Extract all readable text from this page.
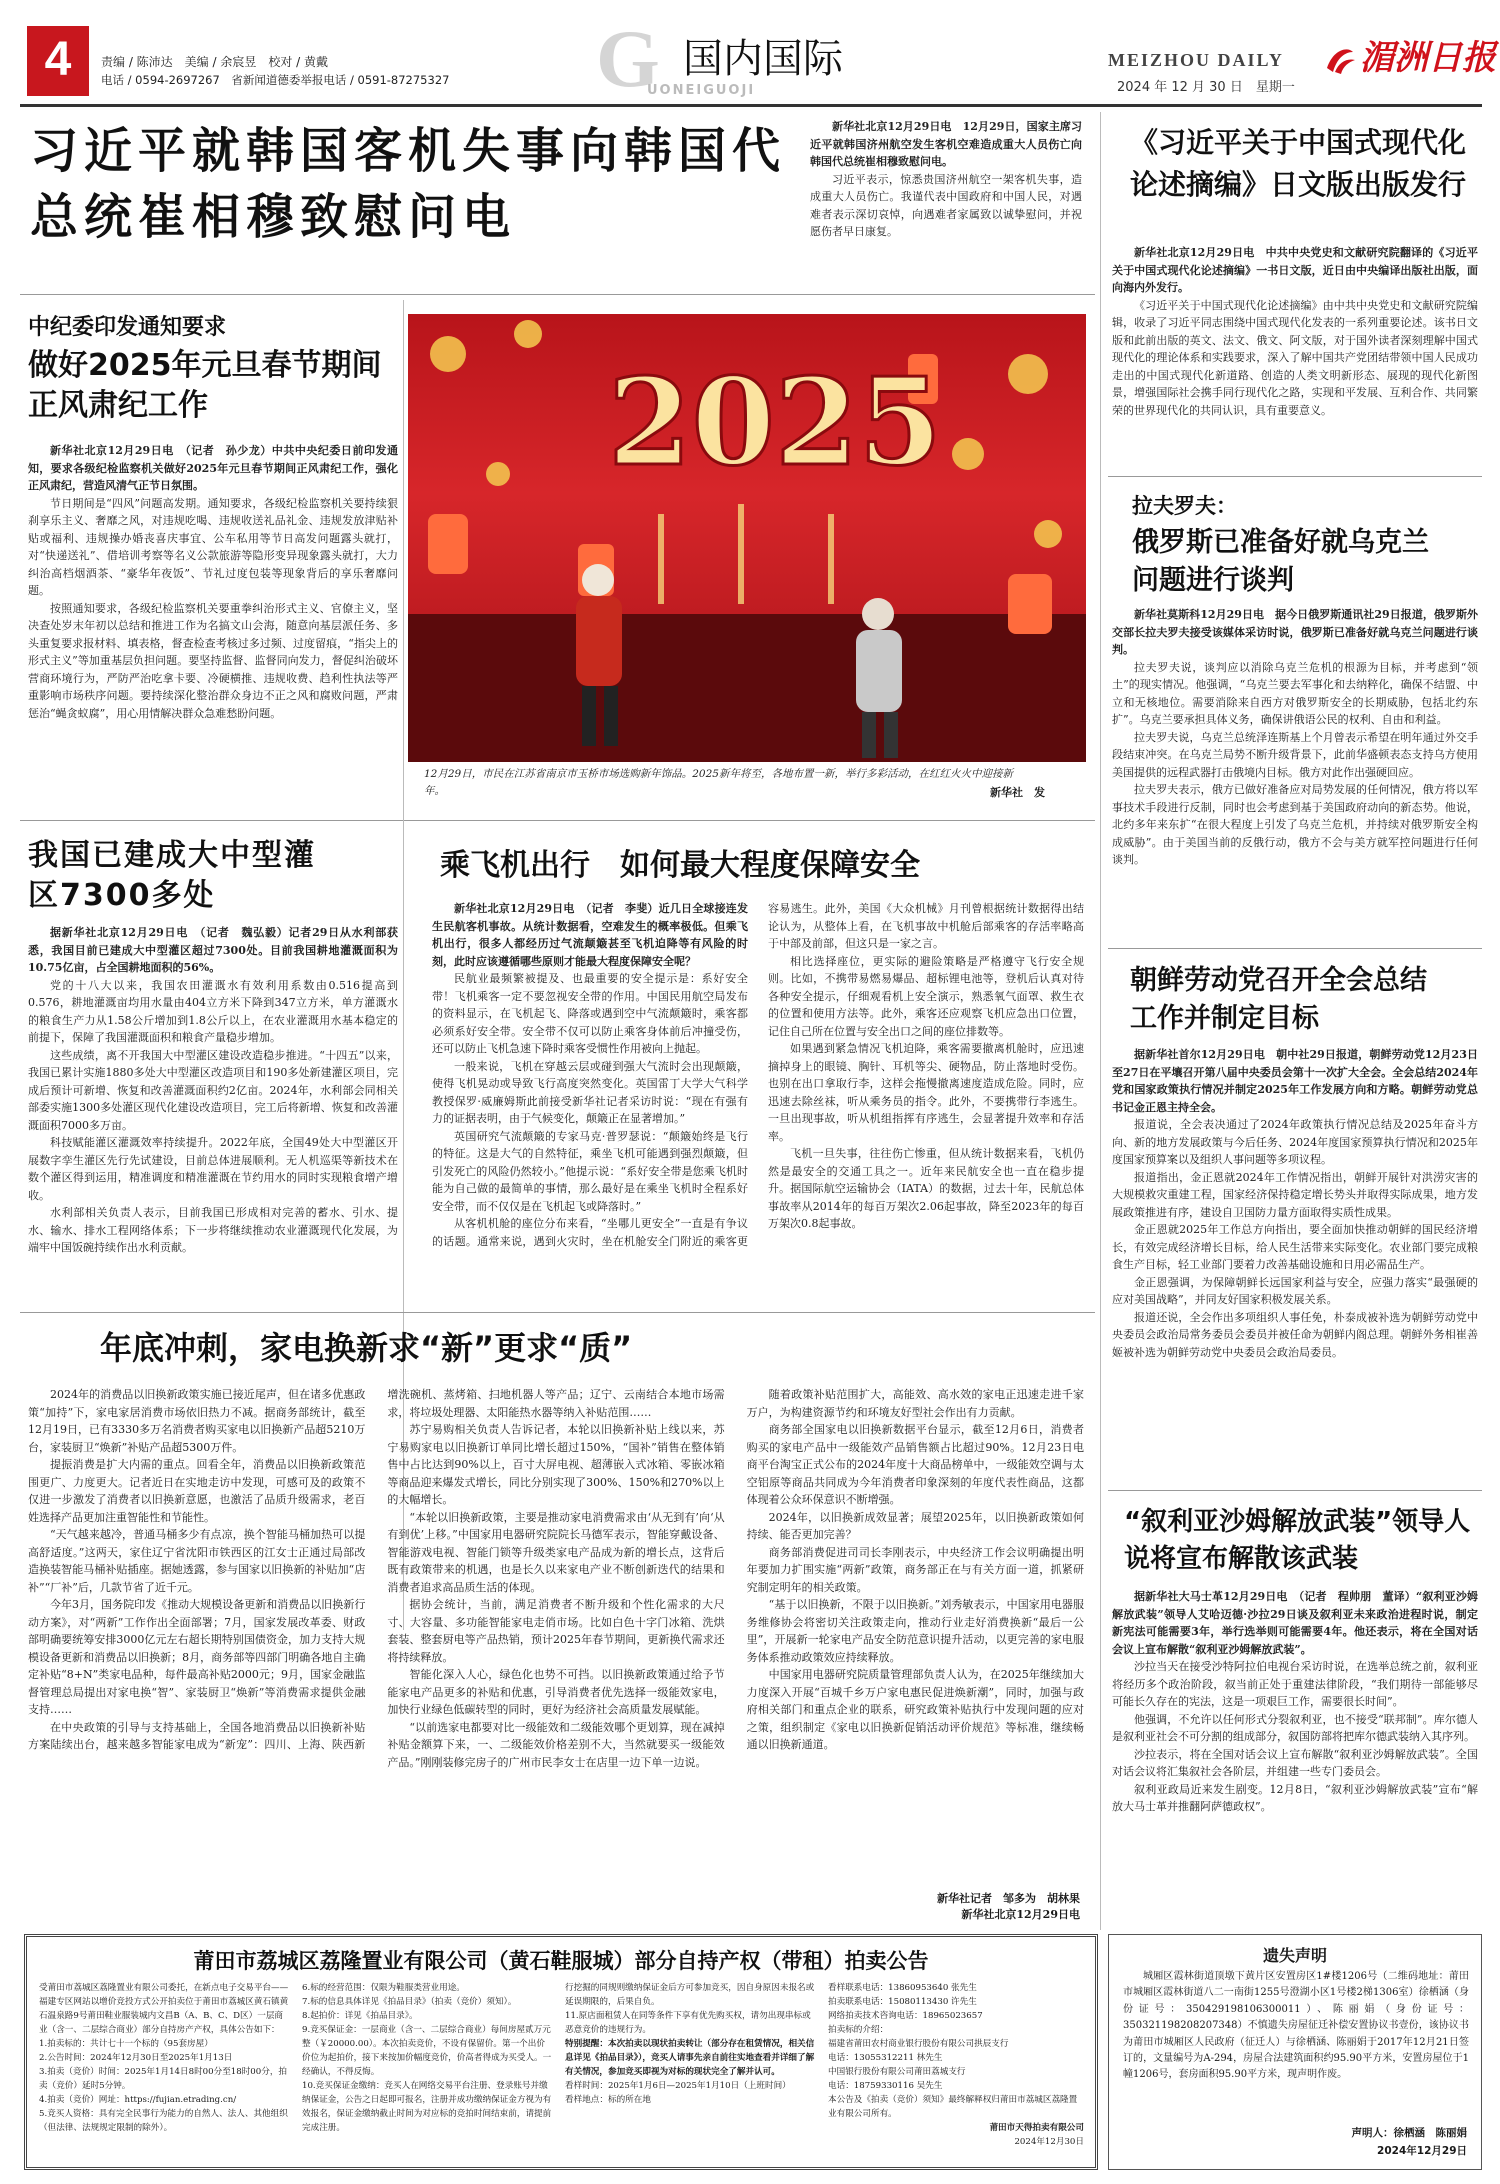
4	责编 / 陈沛达　美编 / 余宸昱　校对 / 黄戴
电话 / 0594-2697267　省新闻道德委举报电话 / 0591-87275327 G 国内国际
UONEIGUOJI
MEIZHOU DAILY 湄洲日报
2024 年 12 月 30 日　星期一
习近平就韩国客机失事向韩国代总统崔相穆致慰问电

新华社北京12月29日电　12月29日，国家主席习近平就韩国济州航空发生客机空难造成重大人员伤亡向韩国代总统崔相穆致慰问电。

习近平表示，惊悉贵国济州航空一架客机失事，造成重大人员伤亡。我谨代表中国政府和中国人民，对遇难者表示深切哀悼，向遇难者家属致以诚挚慰问，并祝愿伤者早日康复。

中纪委印发通知要求
做好2025年元旦春节期间正风肃纪工作

新华社北京12月29日电　（记者　孙少龙）中共中央纪委日前印发通知，要求各级纪检监察机关做好2025年元旦春节期间正风肃纪工作，强化正风肃纪，营造风清气正节日氛围。

节日期间是“四风”问题高发期。通知要求，各级纪检监察机关要持续狠刹享乐主义、奢靡之风，对违规吃喝、违规收送礼品礼金、违规发放津贴补贴或福利、违规操办婚丧喜庆事宜、公车私用等节日高发问题露头就打，对“快递送礼”、借培训考察等名义公款旅游等隐形变异现象露头就打，大力纠治高档烟酒茶、“豪华年夜饭”、节礼过度包装等现象背后的享乐奢靡问题。

按照通知要求，各级纪检监察机关要重拳纠治形式主义、官僚主义，坚决查处岁末年初以总结和推进工作为名搞文山会海，随意向基层派任务、多头重复要求报材料、填表格，督查检查考核过多过频、过度留痕，“指尖上的形式主义”等加重基层负担问题。要坚持监督、监督同向发力，督促纠治破坏营商环境行为，严防严治吃拿卡要、冷硬横推、违规收费、趋利性执法等严重影响市场秩序问题。要持续深化整治群众身边不正之风和腐败问题，严肃惩治“蝇贪蚁腐”，用心用情解决群众急难愁盼问题。

2025
12月29日，市民在江苏省南京市玉桥市场选购新年饰品。2025新年将至，各地布置一新，举行多彩活动，在红红火火中迎接新年。	新华社　发
我国已建成大中型灌区7300多处

据新华社北京12月29日电　（记者　魏弘毅）记者29日从水利部获悉，我国目前已建成大中型灌区超过7300处。目前我国耕地灌溉面积为10.75亿亩，占全国耕地面积的56%。

党的十八大以来，我国农田灌溉水有效利用系数由0.516提高到0.576，耕地灌溉亩均用水量由404立方米下降到347立方米，单方灌溉水的粮食生产力从1.58公斤增加到1.8公斤以上，在农业灌溉用水基本稳定的前提下，保障了我国灌溉面积和粮食产量稳步增加。

这些成绩，离不开我国大中型灌区建设改造稳步推进。“十四五”以来，我国已累计实施1880多处大中型灌区改造项目和190多处新建灌区项目，完成后预计可新增、恢复和改善灌溉面积约2亿亩。2024年，水利部会同相关部委实施1300多处灌区现代化建设改造项目，完工后将新增、恢复和改善灌溉面积7000多万亩。

科技赋能灌区灌溉效率持续提升。2022年底，全国49处大中型灌区开展数字孪生灌区先行先试建设，目前总体进展顺利。无人机巡渠等新技术在数个灌区得到运用，精准调度和精准灌溉在节约用水的同时实现粮食增产增收。

水利部相关负责人表示，目前我国已形成相对完善的蓄水、引水、提水、输水、排水工程网络体系；下一步将继续推动农业灌溉现代化发展，为端牢中国饭碗持续作出水利贡献。

乘飞机出行　如何最大程度保障安全

新华社北京12月29日电　（记者　李斐）近几日全球接连发生民航客机事故。从统计数据看，空难发生的概率极低。但乘飞机出行，很多人都经历过气流颠簸甚至飞机迫降等有风险的时刻，此时应该遵循哪些原则才能最大程度保障安全呢？

民航业最频繁被提及、也最重要的安全提示是：系好安全带！飞机乘客一定不要忽视安全带的作用。中国民用航空局发布的资料显示，在飞机起飞、降落或遇到空中气流颠簸时，乘客都必须系好安全带。安全带不仅可以防止乘客身体前后冲撞受伤，还可以防止飞机急速下降时乘客受惯性作用被向上抛起。

一般来说，飞机在穿越云层或碰到强大气流时会出现颠簸，使得飞机晃动或导致飞行高度突然变化。英国雷丁大学大气科学教授保罗·威廉姆斯此前接受新华社记者采访时说：“现在有强有力的证据表明，由于气候变化，颠簸正在显著增加。”

英国研究气流颠簸的专家马克·普罗瑟说：“颠簸始终是飞行的特征。这是大气的自然特征，乘坐飞机可能遇到强烈颠簸，但引发死亡的风险仍然较小。”他提示说：“系好安全带是您乘飞机时能为自己做的最简单的事情，那么最好是在乘坐飞机时全程系好安全带，而不仅仅是在飞机起飞或降落时。”

从客机机舱的座位分布来看，“坐哪儿更安全”一直是有争议的话题。通常来说，遇到火灾时，坐在机舱安全门附近的乘客更容易逃生。此外，美国《大众机械》月刊曾根据统计数据得出结论认为，从整体上看，在飞机事故中机舱后部乘客的存活率略高于中部及前部，但这只是一家之言。

相比选择座位，更实际的避险策略是严格遵守飞行安全规则。比如，不携带易燃易爆品、超标锂电池等，登机后认真对待各种安全提示，仔细观看机上安全演示，熟悉氧气面罩、救生衣的位置和使用方法等。此外，乘客还应观察飞机应急出口位置，记住自己所在位置与安全出口之间的座位排数等。

如果遇到紧急情况飞机迫降，乘客需要撤离机舱时，应迅速摘掉身上的眼镜、胸针、耳机等尖、硬物品，防止落地时受伤。也别在出口拿取行李，这样会拖慢撤离速度造成危险。同时，应迅速去除丝袜，听从乘务员的指令。此外，不要携带行李逃生。一旦出现事故，听从机组指挥有序逃生，会显著提升效率和存活率。

飞机一旦失事，往往伤亡惨重，但从统计数据来看，飞机仍然是最安全的交通工具之一。近年来民航安全也一直在稳步提升。据国际航空运输协会（IATA）的数据，过去十年，民航总体事故率从2014年的每百万架次2.06起事故，降至2023年的每百万架次0.8起事故。

年底冲刺，家电换新求“新”更求“质”

2024年的消费品以旧换新政策实施已接近尾声，但在诸多优惠政策“加持”下，家电家居消费市场依旧热力不减。据商务部统计，截至12月19日，已有3330多万名消费者购买家电以旧换新产品超5210万台，家装厨卫“焕新”补贴产品超5300万件。

提振消费是扩大内需的重点。回看全年，消费品以旧换新政策范围更广、力度更大。记者近日在实地走访中发现，可感可及的政策不仅进一步激发了消费者以旧换新意愿，也激活了品质升级需求，老百姓选择产品更加注重智能性和节能性。

“天气越来越冷，普通马桶多少有点凉，换个智能马桶加热可以提高舒适度。”这两天，家住辽宁省沈阳市铁西区的江女士正通过局部改造换装智能马桶补贴插座。据她透露，参与国家以旧换新的补贴加“店补”“厂补”后，几款节省了近千元。

今年3月，国务院印发《推动大规模设备更新和消费品以旧换新行动方案》，对“两新”工作作出全面部署；7月，国家发展改革委、财政部明确要统筹安排3000亿元左右超长期特别国债资金，加力支持大规模设备更新和消费品以旧换新；8月，商务部等四部门明确各地自主确定补贴“8+N”类家电品种，每件最高补贴2000元；9月，国家金融监督管理总局提出对家电换“智”、家装厨卫“焕新”等消费需求提供金融支持……

在中央政策的引导与支持基础上，全国各地消费品以旧换新补贴方案陆续出台，越来越多智能家电成为“新宠”：四川、上海、陕西新增洗碗机、蒸烤箱、扫地机器人等产品；辽宁、云南结合本地市场需求，将垃圾处理器、太阳能热水器等纳入补贴范围……

苏宁易购相关负责人告诉记者，本轮以旧换新补贴上线以来，苏宁易购家电以旧换新订单同比增长超过150%，“国补”销售在整体销售中占比达到90%以上，百寸大屏电视、超薄嵌入式冰箱、零嵌冰箱等商品迎来爆发式增长，同比分别实现了300%、150%和270%以上的大幅增长。

“本轮以旧换新政策，主要是推动家电消费需求由‘从无到有’向‘从有到优’上移。”中国家用电器研究院院长马德军表示，智能穿戴设备、智能游戏电视、智能门锁等升级类家电产品成为新的增长点，这背后既有政策带来的机遇，也是长久以来家电产业不断创新迭代的结果和消费者追求高品质生活的体现。

据协会统计，当前，满足消费者不断升级和个性化需求的大尺寸、大容量、多功能智能家电走俏市场。比如白色十字门冰箱、洗烘套装、整套厨电等产品热销，预计2025年春节期间，更新换代需求还将持续释放。

智能化深入人心，绿色化也势不可挡。以旧换新政策通过给予节能家电产品更多的补贴和优惠，引导消费者优先选择一级能效家电，加快行业绿色低碳转型的同时，更好为经济社会高质量发展赋能。

“以前选家电都要对比一级能效和二级能效哪个更划算，现在减掉补贴金额算下来，一、二级能效价格差别不大，当然就要买一级能效产品。”刚刚装修完房子的广州市民李女士在店里一边下单一边说。

随着政策补贴范围扩大，高能效、高水效的家电正迅速走进千家万户，为构建资源节约和环境友好型社会作出有力贡献。

商务部全国家电以旧换新数据平台显示，截至12月6日，消费者购买的家电产品中一级能效产品销售额占比超过90%。12月23日电商平台淘宝正式公布的2024年度十大商品榜单中，一级能效空调与太空铝原等商品共同成为今年消费者印象深刻的年度代表性商品，这都体现着公众环保意识不断增强。

2024年，以旧换新成效显著；展望2025年，以旧换新政策如何持续、能否更加完善？

商务部消费促进司司长李刚表示，中央经济工作会议明确提出明年要加力扩围实施“两新”政策，商务部正在与有关方面一道，抓紧研究制定明年的相关政策。

“基于以旧换新，不限于以旧换新。”刘秀敏表示，中国家用电器服务维修协会将密切关注政策走向，推动行业走好消费换新“最后一公里”，开展新一轮家电产品安全防范意识提升活动，以更完善的家电服务体系推动政策效应持续释放。

中国家用电器研究院质量管理部负责人认为，在2025年继续加大力度深入开展“百城千乡万户家电惠民促进焕新潮”，同时，加强与政府相关部门和重点企业的联系，研究政策补贴执行中发现问题的应对之策，组织制定《家电以旧换新促销活动评价规范》等标准，继续畅通以旧换新通道。

新华社记者　邹多为　胡林果
新华社北京12月29日电
《习近平关于中国式现代化论述摘编》日文版出版发行

新华社北京12月29日电　中共中央党史和文献研究院翻译的《习近平关于中国式现代化论述摘编》一书日文版，近日由中央编译出版社出版，面向海内外发行。

《习近平关于中国式现代化论述摘编》由中共中央党史和文献研究院编辑，收录了习近平同志围绕中国式现代化发表的一系列重要论述。该书日文版和此前出版的英文、法文、俄文、阿文版，对于国外读者深刻理解中国式现代化的理论体系和实践要求，深入了解中国共产党团结带领中国人民成功走出的中国式现代化新道路、创造的人类文明新形态、展现的现代化新图景，增强国际社会携手同行现代化之路，实现和平发展、互利合作、共同繁荣的世界现代化的共同认识，具有重要意义。

拉夫罗夫：
俄罗斯已准备好就乌克兰问题进行谈判

新华社莫斯科12月29日电　据今日俄罗斯通讯社29日报道，俄罗斯外交部长拉夫罗夫接受该媒体采访时说，俄罗斯已准备好就乌克兰问题进行谈判。

拉夫罗夫说，谈判应以消除乌克兰危机的根源为目标，并考虑到“领土”的现实情况。他强调，“乌克兰要去军事化和去纳粹化，确保不结盟、中立和无核地位。需要消除来自西方对俄罗斯安全的长期威胁，包括北约东扩”。乌克兰要承担具体义务，确保讲俄语公民的权利、自由和利益。

拉夫罗夫说，乌克兰总统泽连斯基上个月曾表示希望在明年通过外交手段结束冲突。在乌克兰局势不断升级背景下，此前华盛顿表态支持乌方使用美国提供的远程武器打击俄境内目标。俄方对此作出强硬回应。

拉夫罗夫表示，俄方已做好准备应对局势发展的任何情况，俄方将以军事技术手段进行反制，同时也会考虑到基于美国政府动向的新态势。他说，北约多年来东扩“在很大程度上引发了乌克兰危机，并持续对俄罗斯安全构成威胁”。由于美国当前的反俄行动，俄方不会与美方就军控问题进行任何谈判。

朝鲜劳动党召开全会总结工作并制定目标

据新华社首尔12月29日电　朝中社29日报道，朝鲜劳动党12月23日至27日在平壤召开第八届中央委员会第十一次扩大全会。全会总结2024年党和国家政策执行情况并制定2025年工作发展方向和方略。朝鲜劳动党总书记金正恩主持全会。

报道说，全会表决通过了2024年政策执行情况总结及2025年奋斗方向、新的地方发展政策与今后任务、2024年度国家预算执行情况和2025年度国家预算案以及组织人事问题等多项议程。

报道指出，金正恩就2024年工作情况指出，朝鲜开展针对洪涝灾害的大规模救灾重建工程，国家经济保持稳定增长势头并取得实际成果，地方发展政策推进有序，建设自卫国防力量方面取得实质性成果。

金正恩就2025年工作总方向指出，要全面加快推动朝鲜的国民经济增长，有效完成经济增长目标，给人民生活带来实际变化。农业部门要完成粮食生产目标，轻工业部门要着力改善基础设施和日用必需品生产。

金正恩强调，为保障朝鲜长远国家利益与安全，应强力落实“最强硬的应对美国战略”，并同友好国家积极发展关系。

报道还说，全会作出多项组织人事任免，朴泰成被补选为朝鲜劳动党中央委员会政治局常务委员会委员并被任命为朝鲜内阁总理。朝鲜外务相崔善姬被补选为朝鲜劳动党中央委员会政治局委员。

“叙利亚沙姆解放武装”领导人说将宣布解散该武装

据新华社大马士革12月29日电　（记者　程帅朋　董译）“叙利亚沙姆解放武装”领导人艾哈迈德·沙拉29日谈及叙利亚未来政治进程时说，制定新宪法可能需要3年，举行选举则可能需要4年。他还表示，将在全国对话会议上宣布解散“叙利亚沙姆解放武装”。

沙拉当天在接受沙特阿拉伯电视台采访时说，在选举总统之前，叙利亚将经历多个政治阶段，叙当前正处于重建法律阶段，“我们期待一部能够尽可能长久存在的宪法，这是一项艰巨工作，需要很长时间”。

他强调，不允许以任何形式分裂叙利亚，也不接受“联邦制”。库尔德人是叙利亚社会不可分割的组成部分，叙国防部将把库尔德武装纳入其序列。

沙拉表示，将在全国对话会议上宣布解散“叙利亚沙姆解放武装”。全国对话会议将汇集叙社会各阶层，并组建一些专门委员会。

叙利亚政局近来发生剧变。12月8日，“叙利亚沙姆解放武装”宣布“解放大马士革并推翻阿萨德政权”。

莆田市荔城区荔隆置业有限公司（黄石鞋服城）部分自持产权（带租）拍卖公告
受莆田市荔城区荔隆置业有限公司委托，在新点电子交易平台——福建专区网站以增价竞投方式公开拍卖位于莆田市荔城区黄石镇黄石温泉路9号莆田鞋业服装城内文昌B（A、B、C、D区）一层商业（含一、二层综合商业）部分自持房产产权，具体公告如下：
1.拍卖标的：共计七十一个标的（95套房屋）
2.公告时间：2024年12月30日至2025年1月13日
3.拍卖（竞价）时间：2025年1月14日8时00分至18时00分，拍卖（竞价）延时5分钟。
4.拍卖（竞价）网址：https://fujian.etrading.cn/
5.竞买人资格：具有完全民事行为能力的自然人、法人、其他组织（但法律、法规规定限制的除外）。
6.标的经营范围：仅限为鞋服类营业用途。
7.标的信息具体详见《拍品目录》（拍卖（竞价）须知）。
8.起拍价：详见《拍品目录》。
9.竞买保证金：一层商业（含一、二层综合商业）每间房屋贰万元整（￥20000.00）。本次拍卖竞价，不设有保留价。第一个出价价位为起拍价，接下来按加价幅度竞价，价高者得成为买受人。一经确认，不得反悔。
10.竞买保证金缴纳：竞买人在网络交易平台注册、登录账号并缴纳保证金，公告之日起即可报名，注册并成功缴纳保证金方视为有效报名，保证金缴纳截止时间为对应标的竞拍时间结束前，请提前完成注册。
行挖掘的同规则缴纳保证金后方可参加竞买，因自身原因未报名或延误期限的，后果自负。
11.原店面租赁人在同等条件下享有优先购买权，请勿出现串标或恶意竞价的违规行为。
特别提醒：本次拍卖以现状拍卖转让（部分存在租赁情况，相关信息详见《拍品目录》），竞买人请事先亲自前往实地查看并详细了解有关情况，参加竞买即视为对标的现状完全了解并认可。
看样时间：2025年1月6日—2025年1月10日（上班时间）
看样地点：标的所在地
看样联系电话：13860953640 张先生
拍卖联系电话：15080113430 许先生
网络拍卖技术咨询电话：18965023657
拍卖标的介绍：
福建省莆田农村商业银行股份有限公司拱辰支行
电话：13055312211 林先生
中国银行股份有限公司莆田荔城支行
电话：18759330116 吴先生
本公告及《拍卖（竞价）须知》最终解释权归莆田市荔城区荔隆置业有限公司所有。
莆田市天得拍卖有限公司
2024年12月30日
遗失声明
城厢区霞林街道顶墩下黄片区安置房区1#楼1206号（二维码地址：莆田市城厢区霞林街道八二一南街1255号澄湖小区1号楼2梯1306室）徐栖涵（身份证号：350429198106300011）、陈丽娟（身份证号：350321198208207348）不慎遗失房屋征迁补偿安置协议书壹份，该协议书为莆田市城厢区人民政府（征迁人）与徐栖涵、陈丽娟于2017年12月21日签订的，文量编号为A-294，房屋合法建筑面积约95.90平方米，安置房屋位于1幢1206号，套房面积95.90平方米，现声明作废。
声明人：徐栖涵　陈丽娟
2024年12月29日
